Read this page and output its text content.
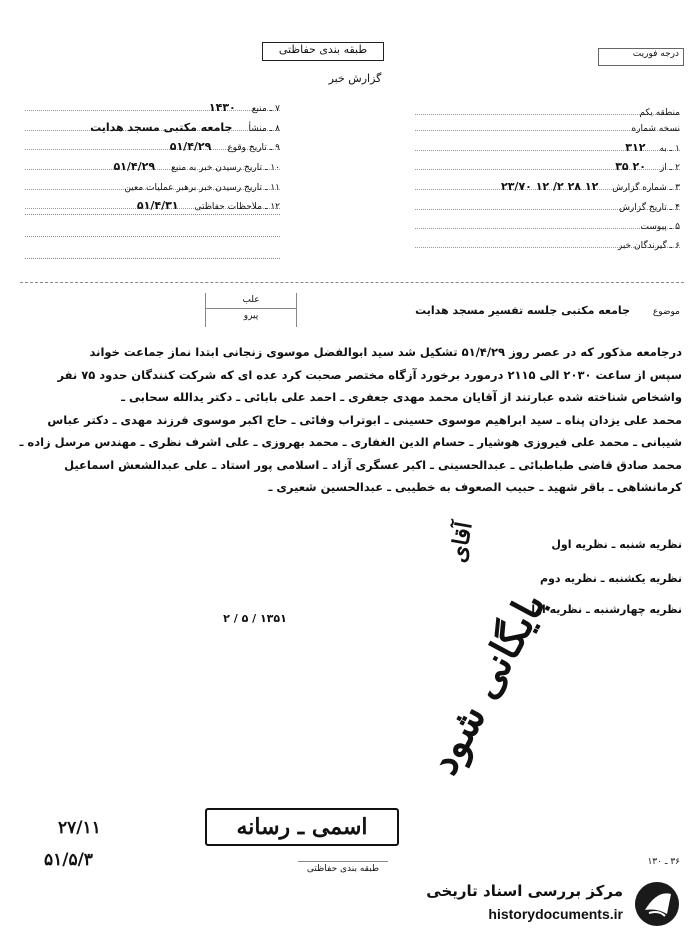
طبقه بندی حفاظتی
گزارش خبر
درجه فوریت
منطقه یکم
نسخه شماره
۱ ـ به۳۱۲
۲ ـ از۲۰ ۳۵
۳ ـ شماره گزارش۱۲ ۲۸ ۲/ ۱۲ ۲۳/۷۰
۴ ـ تاریخ گزارش
۵ ـ پیوست
۶ ـ گیرندگان خبر
۷ ـ منبع۱۴۳۰
۸ ـ منشأجامعه مکتبی مسجد هدایت
۹ ـ تاریخ وقوع۵۱/۴/۲۹
۱۰ ـ تاریخ رسیدن خبر به منبع۵۱/۴/۲۹
۱۱ ـ تاریخ رسیدن خبر برهبر عملیات معین
۱۲ ـ ملاحظات حفاظتی۵۱/۴/۳۱
موضوع
جامعه مکتبی جلسه تفسیر مسجد هدایت
علب
پیرو
درجامعه مذکور که در عصر روز ۵۱/۴/۲۹ تشکیل شد سید ابوالفضل موسوی زنجانی ابتدا نماز جماعت خواند
سپس از ساعت ۲۰۳۰ الی ۲۱۱۵ درمورد برخورد آزگاه مختصر صحبت کرد عده ای که شرکت کنندگان حدود ۷۵ نفر
واشخاص شناخته شده عبارتند از آقایان محمد مهدی جعفری ـ احمد علی بابائی ـ دکتر یدالله سحابی ـ
محمد علی یزدان پناه ـ سید ابراهیم موسوی حسینی ـ ابوتراب وفائی ـ حاج اکبر موسوی فرزند مهدی ـ دکتر عباس
شیبانی ـ محمد علی فیروزی هوشیار ـ حسام الدین الغفاری ـ محمد بهروزی ـ علی اشرف نظری ـ مهندس مرسل زاده ـ
محمد صادق قاضی طباطبائی ـ عبدالحسینی ـ اکبر عسگری آزاد ـ اسلامی پور استاد ـ علی عبدالشعش اسماعیل
کرمانشاهی ـ باقر شهید ـ حبیب الصعوف به خطیبی ـ عبدالحسین شعیری ـ
نظریه شنبه ـ نظریه اول
نظریه یکشنبه ـ نظریه دوم
نظریه چهارشنبه ـ نظریه اول
۱۳۵۱ / ۵ / ۲
آقای
بایگانی شود
۲۷/۱۱
۵۱/۵/۳
اسمی ـ رسانه
۳۶ ـ ۱۳۰
طبقه بندی حفاظتی
مرکز بررسی اسناد تاریخی
historydocuments.ir
